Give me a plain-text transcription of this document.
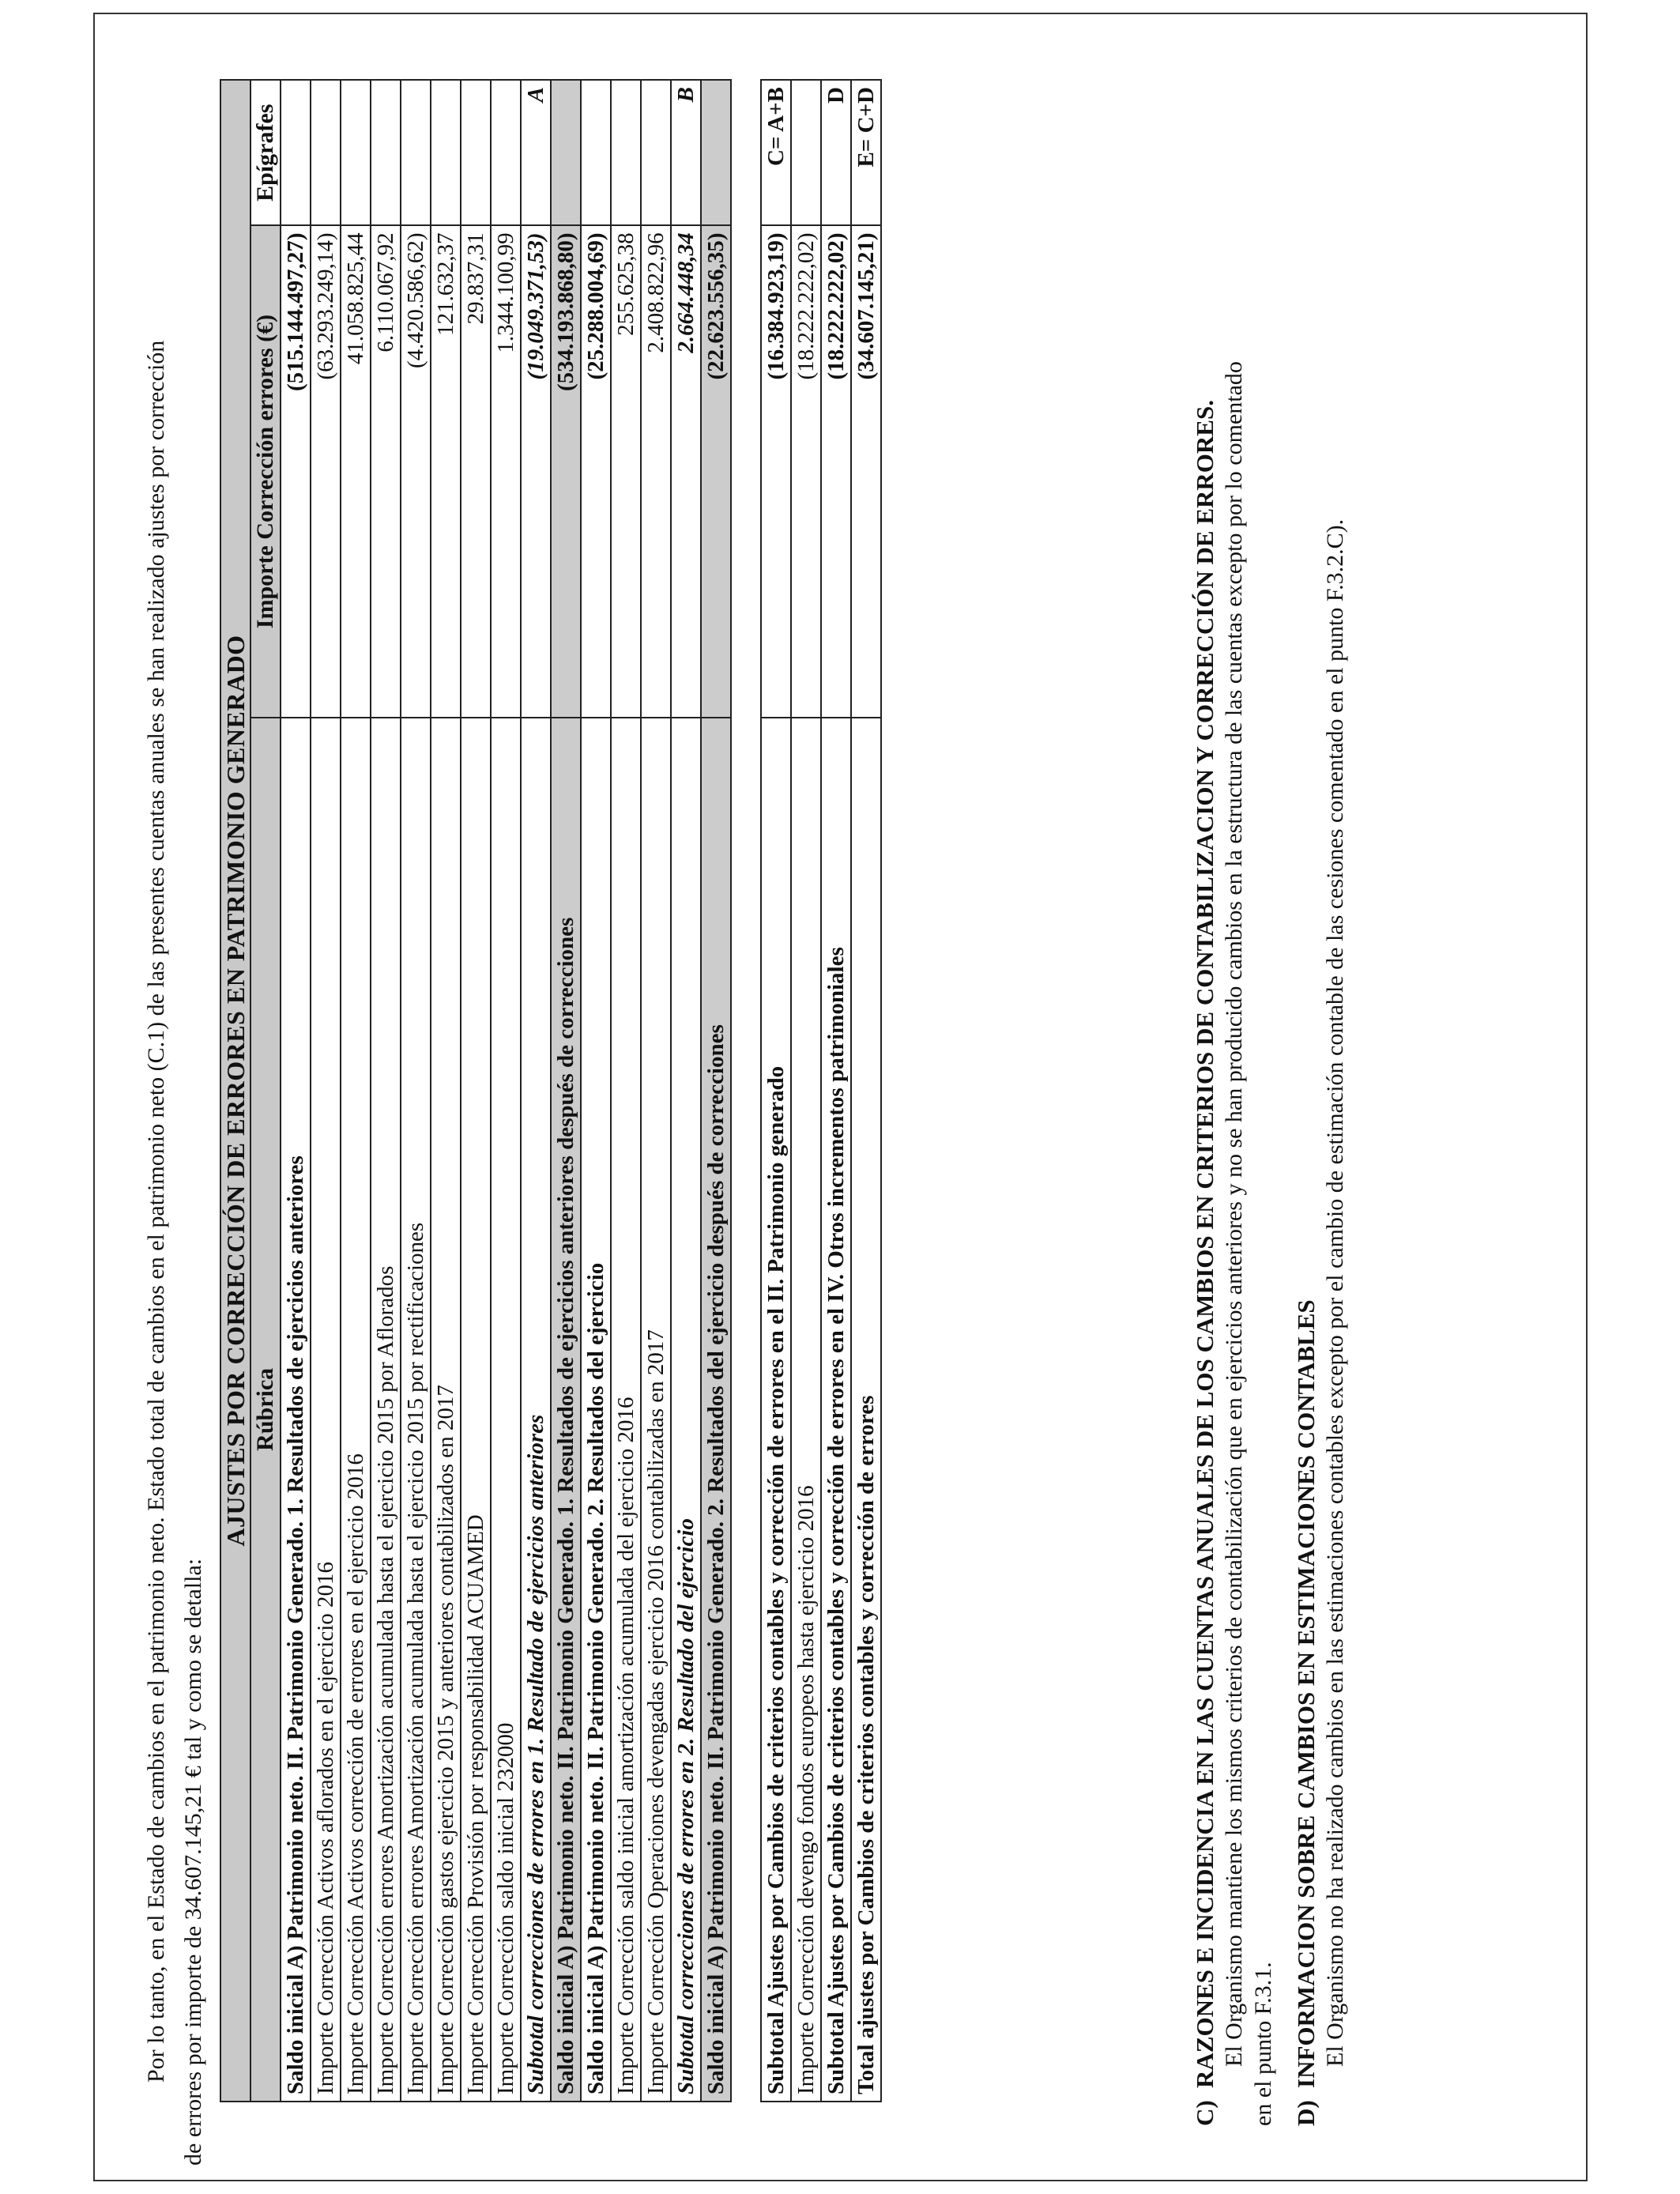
Por lo tanto, en el Estado de cambios en el patrimonio neto. Estado total de cambios en el patrimonio neto (C.1) de las presentes cuentas anuales se han realizado ajustes por corrección de errores por importe de 34.607.145,21 € tal y como se detalla:
AJUSTES POR CORRECCIÓN DE ERRORES EN PATRIMONIO GENERADO		
Rúbrica	Importe Corrección errores (€)	Epígrafes
Saldo inicial A) Patrimonio neto. II. Patrimonio Generado. 1. Resultados de ejercicios anteriores	(515.144.497,27)	
Importe Corrección Activos aflorados en el ejercicio 2016	(63.293.249,14)	
Importe Corrección Activos corrección de errores en el ejercicio 2016	41.058.825,44	
Importe Corrección errores Amortización acumulada hasta el ejercicio 2015 por Aflorados	6.110.067,92	
Importe Corrección errores Amortización acumulada hasta el ejercicio 2015 por rectificaciones	(4.420.586,62)	
Importe Corrección gastos ejercicio 2015 y anteriores contabilizados en 2017	121.632,37	
Importe Corrección Provisión por responsabilidad ACUAMED	29.837,31	
Importe Corrección saldo inicial 232000	1.344.100,99	
Subtotal correcciones de errores en 1. Resultado de ejercicios anteriores	(19.049.371,53)	A
Saldo inicial A) Patrimonio neto. II. Patrimonio Generado. 1. Resultados de ejercicios anteriores después de correcciones	(534.193.868,80)	
Saldo inicial A) Patrimonio neto. II. Patrimonio Generado. 2. Resultados del ejercicio	(25.288.004,69)	
Importe Corrección saldo inicial amortización acumulada del ejercicio 2016	255.625,38	
Importe Corrección Operaciones devengadas ejercicio 2016 contabilizadas en 2017	2.408.822,96	
Subtotal correcciones de errores en 2. Resultado del ejercicio	2.664.448,34	B
Saldo inicial A) Patrimonio neto. II. Patrimonio Generado. 2. Resultados del ejercicio después de correcciones	(22.623.556,35)	

Subtotal Ajustes por Cambios de criterios contables y corrección de errores en el II. Patrimonio generado	(16.384.923,19)	C= A+B
Importe Corrección devengo fondos europeos hasta ejercicio 2016	(18.222.222,02)	
Subtotal Ajustes por Cambios de criterios contables y corrección de errores en el IV. Otros incrementos patrimoniales	(18.222.222,02)	D
Total ajustes por Cambios de criterios contables y corrección de errores	(34.607.145,21)	E= C+D
C)RAZONES E INCIDENCIA EN LAS CUENTAS ANUALES DE LOS CAMBIOS EN CRITERIOS DE CONTABILIZACION Y CORRECCIÓN DE ERRORES. El Organismo mantiene los mismos criterios de contabilización que en ejercicios anteriores y no se han producido cambios en la estructura de las cuentas excepto por lo comentado en el punto F.3.1. D)INFORMACION SOBRE CAMBIOS EN ESTIMACIONES CONTABLES El Organismo no ha realizado cambios en las estimaciones contables excepto por el cambio de estimación contable de las cesiones comentado en el punto F.3.2.C).
